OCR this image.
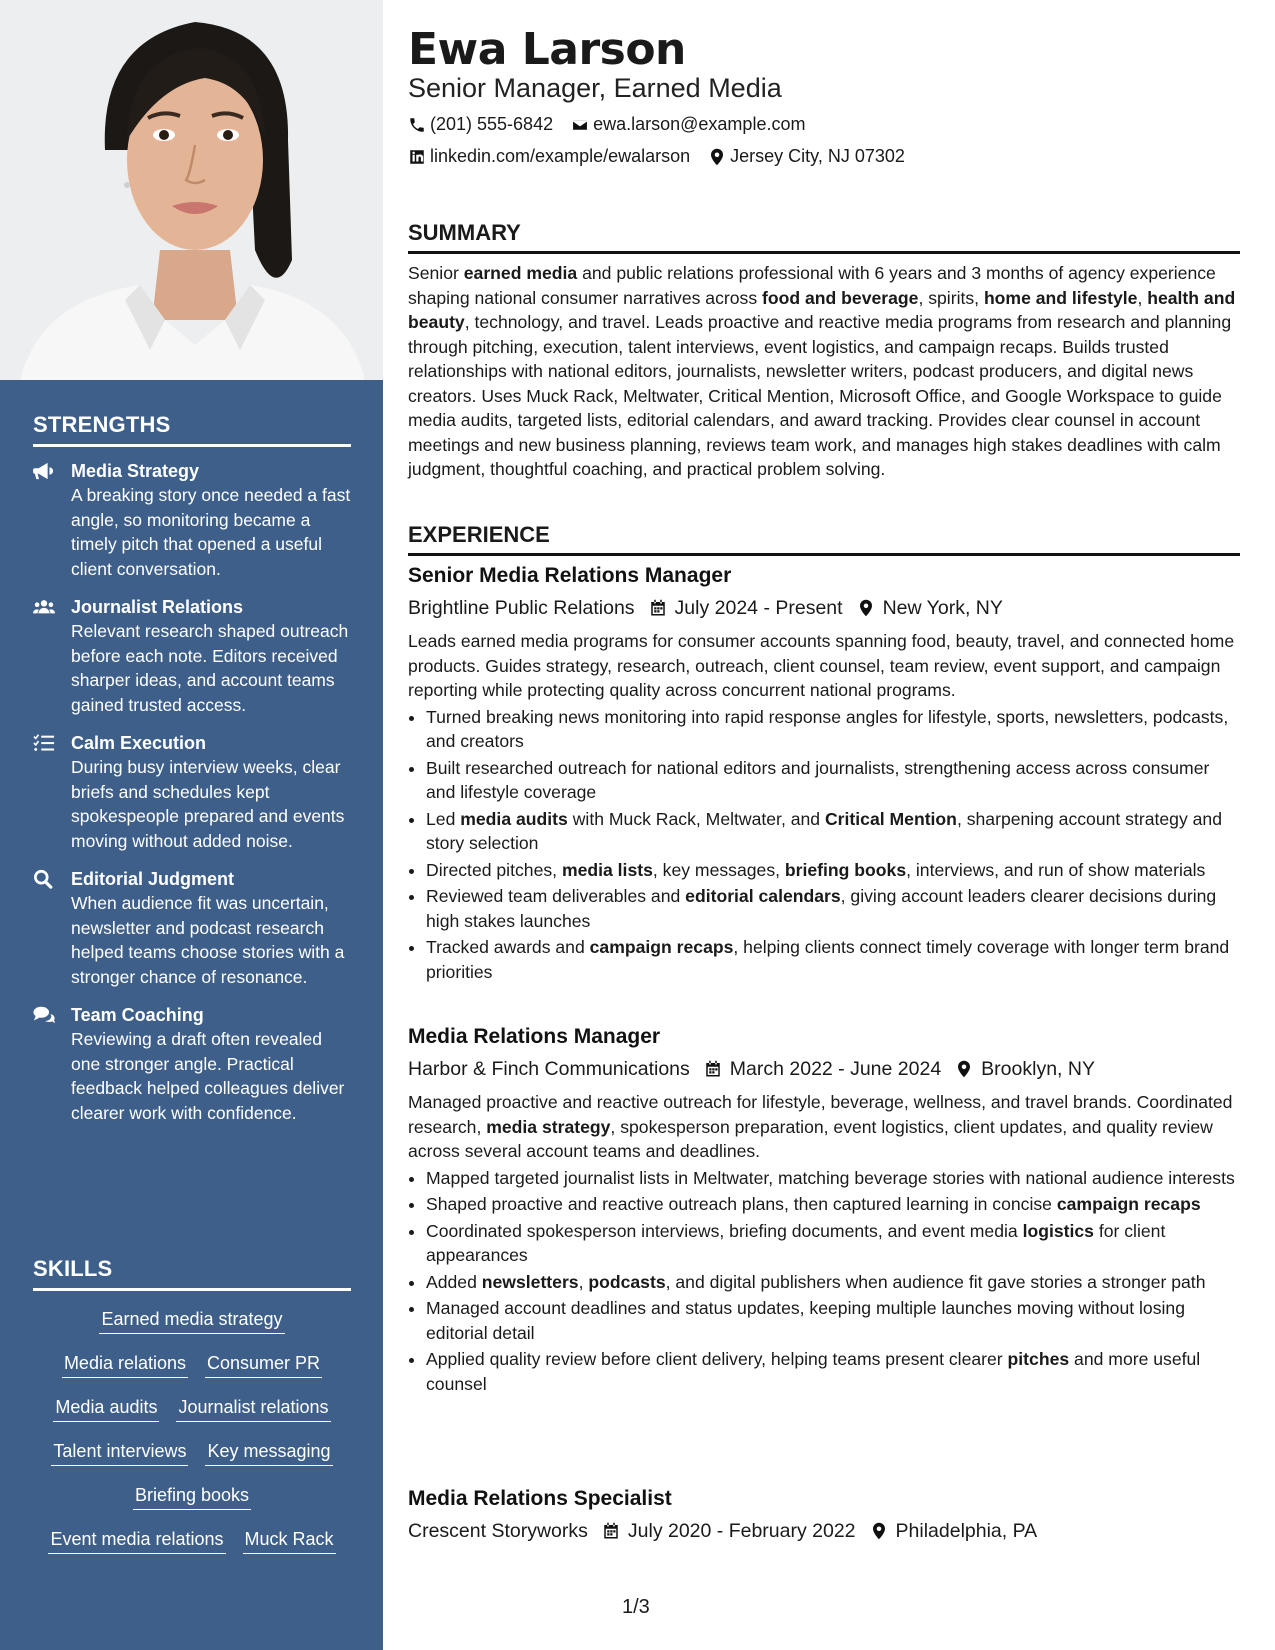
STRENGTHS
Media Strategy
A breaking story once needed a fast angle, so monitoring became a timely pitch that opened a useful client conversation.
Journalist Relations
Relevant research shaped outreach before each note. Editors received sharper ideas, and account teams gained trusted access.
Calm Execution
During busy interview weeks, clear briefs and schedules kept spokespeople prepared and events moving without added noise.
Editorial Judgment
When audience fit was uncertain, newsletter and podcast research helped teams choose stories with a stronger chance of resonance.
Team Coaching
Reviewing a draft often revealed one stronger angle. Practical feedback helped colleagues deliver clearer work with confidence.
SKILLS
Earned media strategy
Media relations Consumer PR
Media audits Journalist relations
Talent interviews Key messaging
Briefing books
Event media relations Muck Rack
Ewa Larson
Senior Manager, Earned Media
(201) 555-6842 ewa.larson@example.com
linkedin.com/example/ewalarson Jersey City, NJ 07302
SUMMARY

Senior earned media and public relations professional with 6 years and 3 months of agency experience shaping national consumer narratives across food and beverage, spirits, home and lifestyle, health and beauty, technology, and travel. Leads proactive and reactive media programs from research and planning through pitching, execution, talent interviews, event logistics, and campaign recaps. Builds trusted relationships with national editors, journalists, newsletter writers, podcast producers, and digital news creators. Uses Muck Rack, Meltwater, Critical Mention, Microsoft Office, and Google Workspace to guide media audits, targeted lists, editorial calendars, and award tracking. Provides clear counsel in account meetings and new business planning, reviews team work, and manages high stakes deadlines with calm judgment, thoughtful coaching, and practical problem solving.

EXPERIENCE
Senior Media Relations Manager
Brightline Public Relations July 2024 - Present New York, NY

Leads earned media programs for consumer accounts spanning food, beauty, travel, and connected home products. Guides strategy, research, outreach, client counsel, team review, event support, and campaign reporting while protecting quality across concurrent national programs.

• Turned breaking news monitoring into rapid response angles for lifestyle, sports, newsletters, podcasts, and creators
• Built researched outreach for national editors and journalists, strengthening access across consumer and lifestyle coverage
• Led media audits with Muck Rack, Meltwater, and Critical Mention, sharpening account strategy and story selection
• Directed pitches, media lists, key messages, briefing books, interviews, and run of show materials
• Reviewed team deliverables and editorial calendars, giving account leaders clearer decisions during high stakes launches
• Tracked awards and campaign recaps, helping clients connect timely coverage with longer term brand priorities
Media Relations Manager
Harbor & Finch Communications March 2022 - June 2024 Brooklyn, NY

Managed proactive and reactive outreach for lifestyle, beverage, wellness, and travel brands. Coordinated research, media strategy, spokesperson preparation, event logistics, client updates, and quality review across several account teams and deadlines.

• Mapped targeted journalist lists in Meltwater, matching beverage stories with national audience interests
• Shaped proactive and reactive outreach plans, then captured learning in concise campaign recaps
• Coordinated spokesperson interviews, briefing documents, and event media logistics for client appearances
• Added newsletters, podcasts, and digital publishers when audience fit gave stories a stronger path
• Managed account deadlines and status updates, keeping multiple launches moving without losing editorial detail
• Applied quality review before client delivery, helping teams present clearer pitches and more useful counsel
Media Relations Specialist
Crescent Storyworks July 2020 - February 2022 Philadelphia, PA
1/3
